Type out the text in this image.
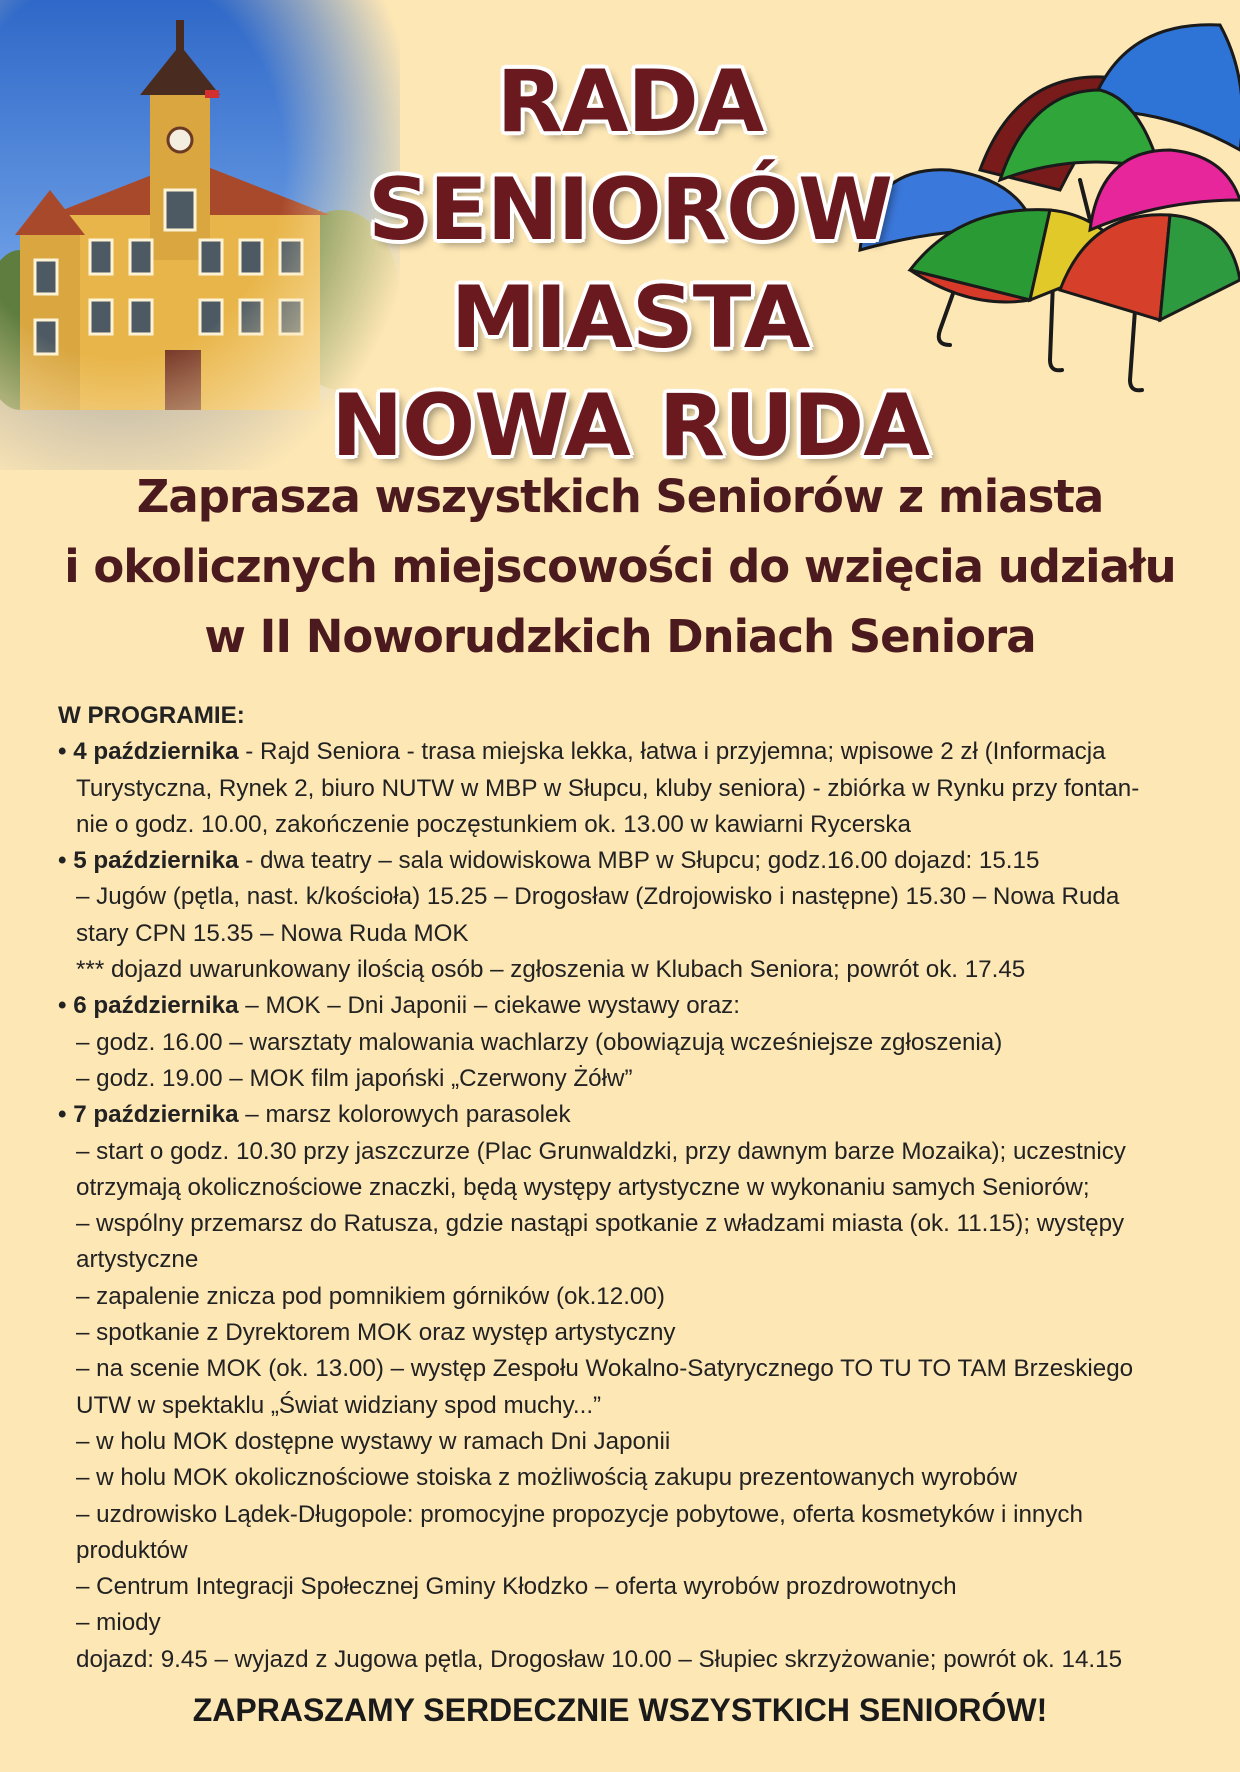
RADA SENIORÓW
MIASTA
NOWA RUDA
Zaprasza wszystkich Seniorów z miasta
i okolicznych miejscowości do wzięcia udziału
w II Noworudzkich Dniach Seniora
W PROGRAMIE:
• 4 października - Rajd Seniora - trasa miejska lekka, łatwa i przyjemna; wpisowe 2 zł (Informacja
Turystyczna, Rynek 2, biuro NUTW w MBP w Słupcu, kluby seniora) - zbiórka w Rynku przy fontan-
nie o godz. 10.00, zakończenie poczęstunkiem ok. 13.00 w kawiarni Rycerska
• 5 października - dwa teatry – sala widowiskowa MBP w Słupcu; godz.16.00 dojazd: 15.15
– Jugów (pętla, nast. k/kościoła) 15.25 – Drogosław (Zdrojowisko i następne) 15.30 – Nowa Ruda
stary CPN 15.35 – Nowa Ruda MOK
*** dojazd uwarunkowany ilością osób – zgłoszenia w Klubach Seniora; powrót ok. 17.45
• 6 października – MOK – Dni Japonii – ciekawe wystawy oraz:
– godz. 16.00 – warsztaty malowania wachlarzy (obowiązują wcześniejsze zgłoszenia)
– godz. 19.00 – MOK film japoński „Czerwony Żółw”
• 7 października – marsz kolorowych parasolek
– start o godz. 10.30 przy jaszczurze (Plac Grunwaldzki, przy dawnym barze Mozaika); uczestnicy
otrzymają okolicznościowe znaczki, będą występy artystyczne w wykonaniu samych Seniorów;
– wspólny przemarsz do Ratusza, gdzie nastąpi spotkanie z władzami miasta (ok. 11.15); występy
artystyczne
– zapalenie znicza pod pomnikiem górników (ok.12.00)
– spotkanie z Dyrektorem MOK oraz występ artystyczny
– na scenie MOK (ok. 13.00) – występ Zespołu Wokalno-Satyrycznego TO TU TO TAM Brzeskiego
UTW w spektaklu „Świat widziany spod muchy...”
– w holu MOK dostępne wystawy w ramach Dni Japonii
– w holu MOK okolicznościowe stoiska z możliwością zakupu prezentowanych wyrobów
– uzdrowisko Lądek-Długopole: promocyjne propozycje pobytowe, oferta kosmetyków i innych
produktów
– Centrum Integracji Społecznej Gminy Kłodzko – oferta wyrobów prozdrowotnych
– miody
dojazd: 9.45 – wyjazd z Jugowa pętla, Drogosław 10.00 – Słupiec skrzyżowanie; powrót ok. 14.15
ZAPRASZAMY SERDECZNIE WSZYSTKICH SENIORÓW!
